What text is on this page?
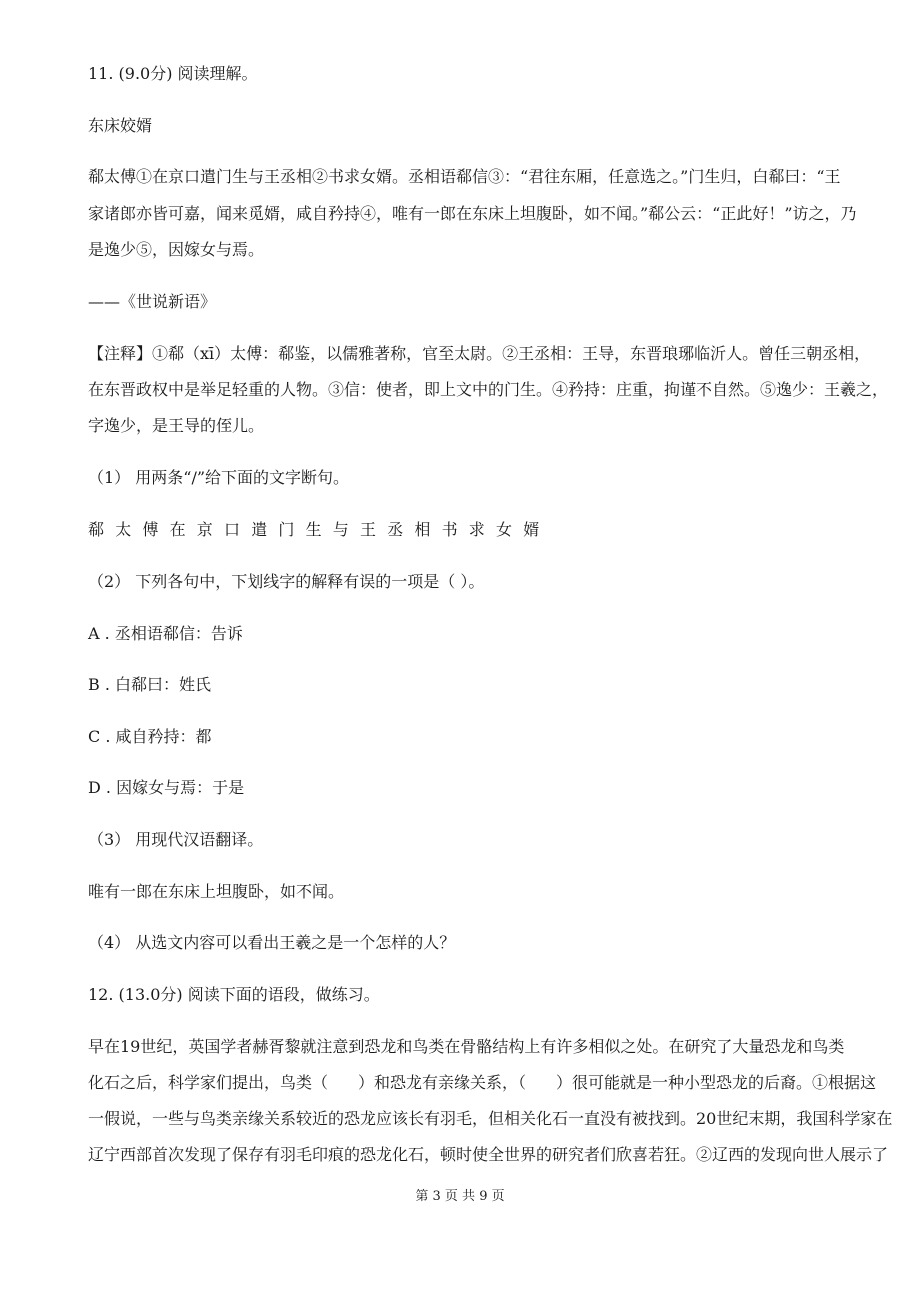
11. (9.0分) 阅读理解。
东床姣婿
郗太傅①在京口遣门生与王丞相②书求女婿。丞相语郗信③：“君往东厢，任意选之。”门生归，白郗曰：“王
家诸郎亦皆可嘉，闻来觅婿，咸自矜持④，唯有一郎在东床上坦腹卧，如不闻。”郗公云：“正此好！”访之，乃
是逸少⑤，因嫁女与焉。
——《世说新语》
【注释】①郗（xī）太傅：郗鉴，以儒雅著称，官至太尉。②王丞相：王导，东晋琅琊临沂人。曾任三朝丞相，
在东晋政权中是举足轻重的人物。③信：使者，即上文中的门生。④矜持：庄重，拘谨不自然。⑤逸少：王羲之，
字逸少，是王导的侄儿。
（1） 用两条“/”给下面的文字断句。
郗太傅在京口遣门生与王丞相书求女婿
（2） 下列各句中，下划线字的解释有误的一项是（ ）。
A . 丞相语郗信：告诉
B . 白郗曰：姓氏
C . 咸自矜持：都
D . 因嫁女与焉：于是
（3） 用现代汉语翻译。
唯有一郎在东床上坦腹卧，如不闻。
（4） 从选文内容可以看出王羲之是一个怎样的人？
12. (13.0分) 阅读下面的语段，做练习。
早在19世纪，英国学者赫胥黎就注意到恐龙和鸟类在骨骼结构上有许多相似之处。在研究了大量恐龙和鸟类
化石之后，科学家们提出，鸟类（ ）和恐龙有亲缘关系，（ ）很可能就是一种小型恐龙的后裔。①根据这
一假说，一些与鸟类亲缘关系较近的恐龙应该长有羽毛，但相关化石一直没有被找到。20世纪末期，我国科学家在
辽宁西部首次发现了保存有羽毛印痕的恐龙化石，顿时使全世界的研究者们欣喜若狂。②辽西的发现向世人展示了
第 3 页 共 9 页
